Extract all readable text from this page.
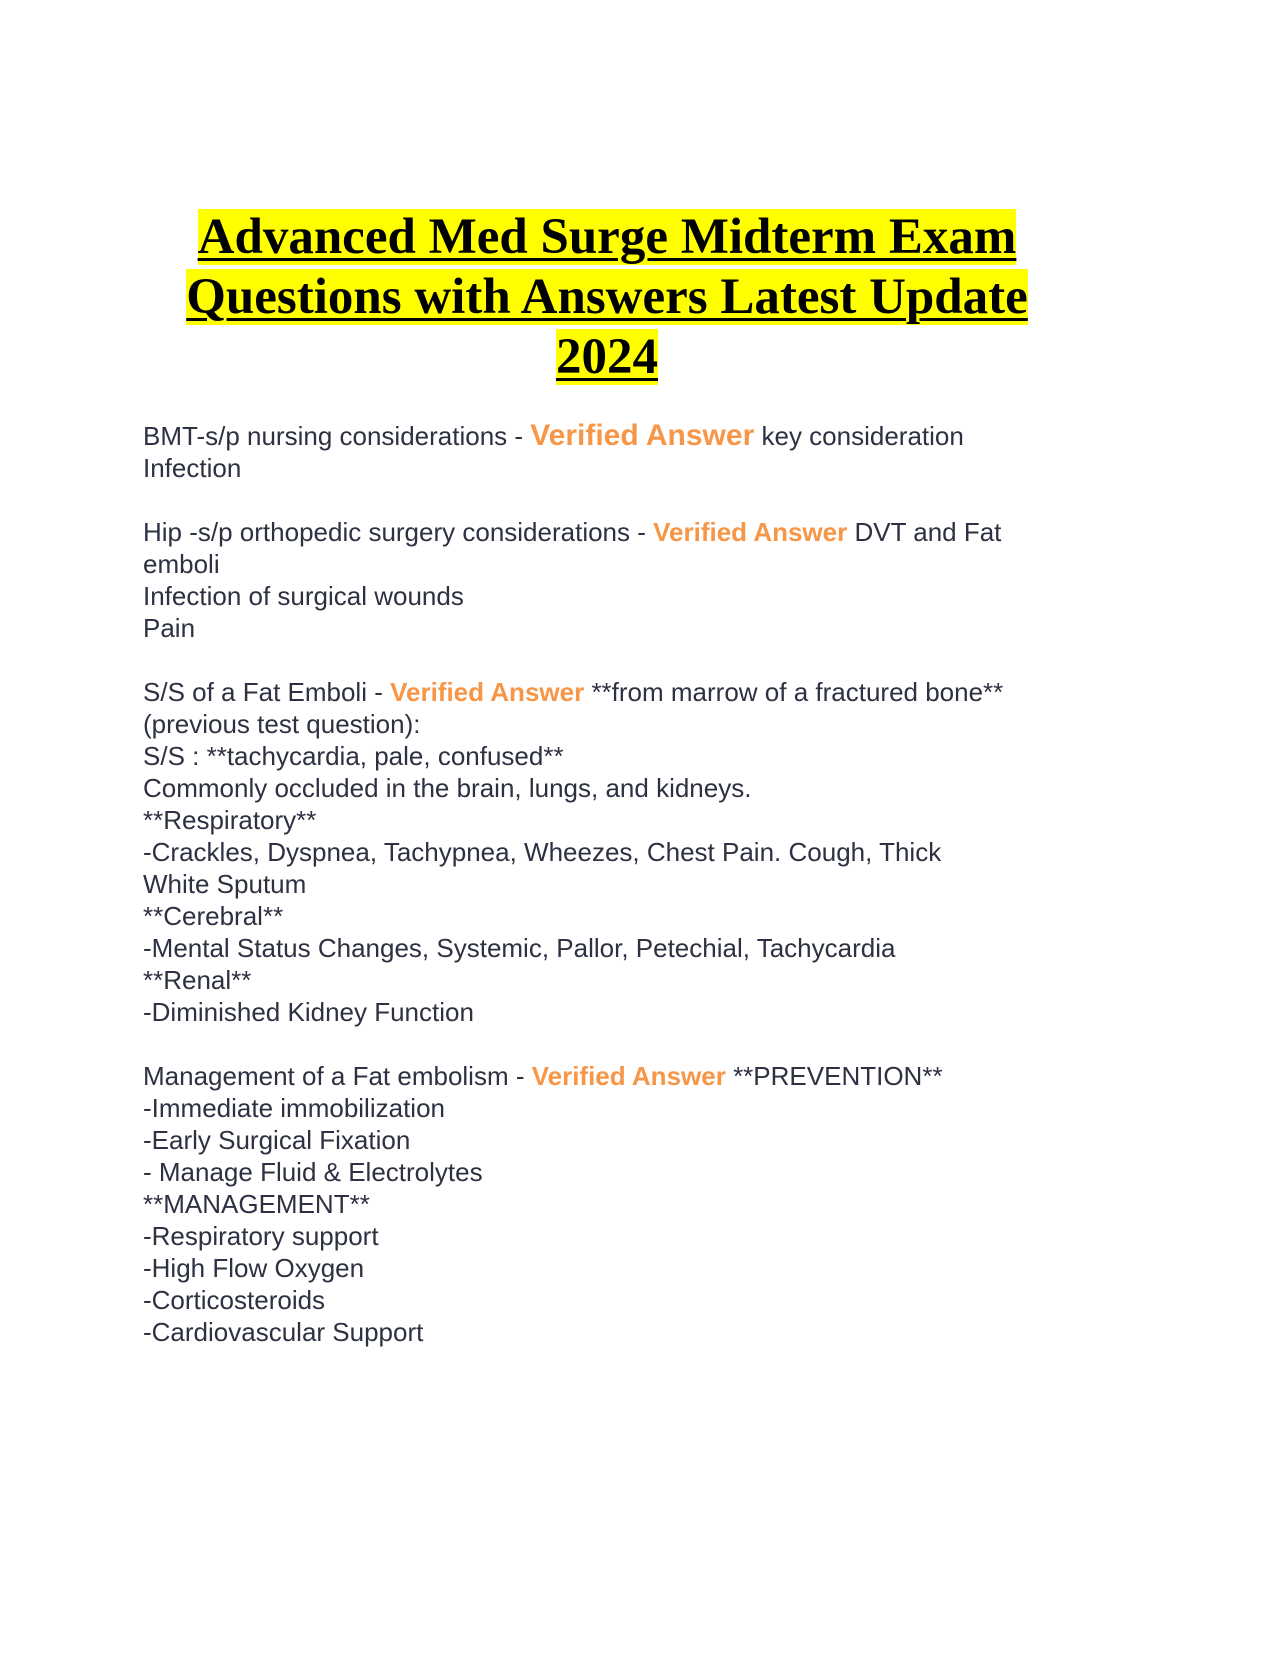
Advanced Med Surge Midterm Exam
Questions with Answers Latest Update
2024
BMT-s/p nursing considerations - Verified Answer key consideration
Infection
Hip -s/p orthopedic surgery considerations - Verified Answer DVT and Fat
emboli
Infection of surgical wounds
Pain
S/S of a Fat Emboli - Verified Answer **from marrow of a fractured bone**
(previous test question):
S/S : **tachycardia, pale, confused**
Commonly occluded in the brain, lungs, and kidneys.
**Respiratory**
-Crackles, Dyspnea, Tachypnea, Wheezes, Chest Pain. Cough, Thick
White Sputum
**Cerebral**
-Mental Status Changes, Systemic, Pallor, Petechial, Tachycardia
**Renal**
-Diminished Kidney Function
Management of a Fat embolism - Verified Answer **PREVENTION**
-Immediate immobilization
-Early Surgical Fixation
- Manage Fluid & Electrolytes
**MANAGEMENT**
-Respiratory support
-High Flow Oxygen
-Corticosteroids
-Cardiovascular Support
